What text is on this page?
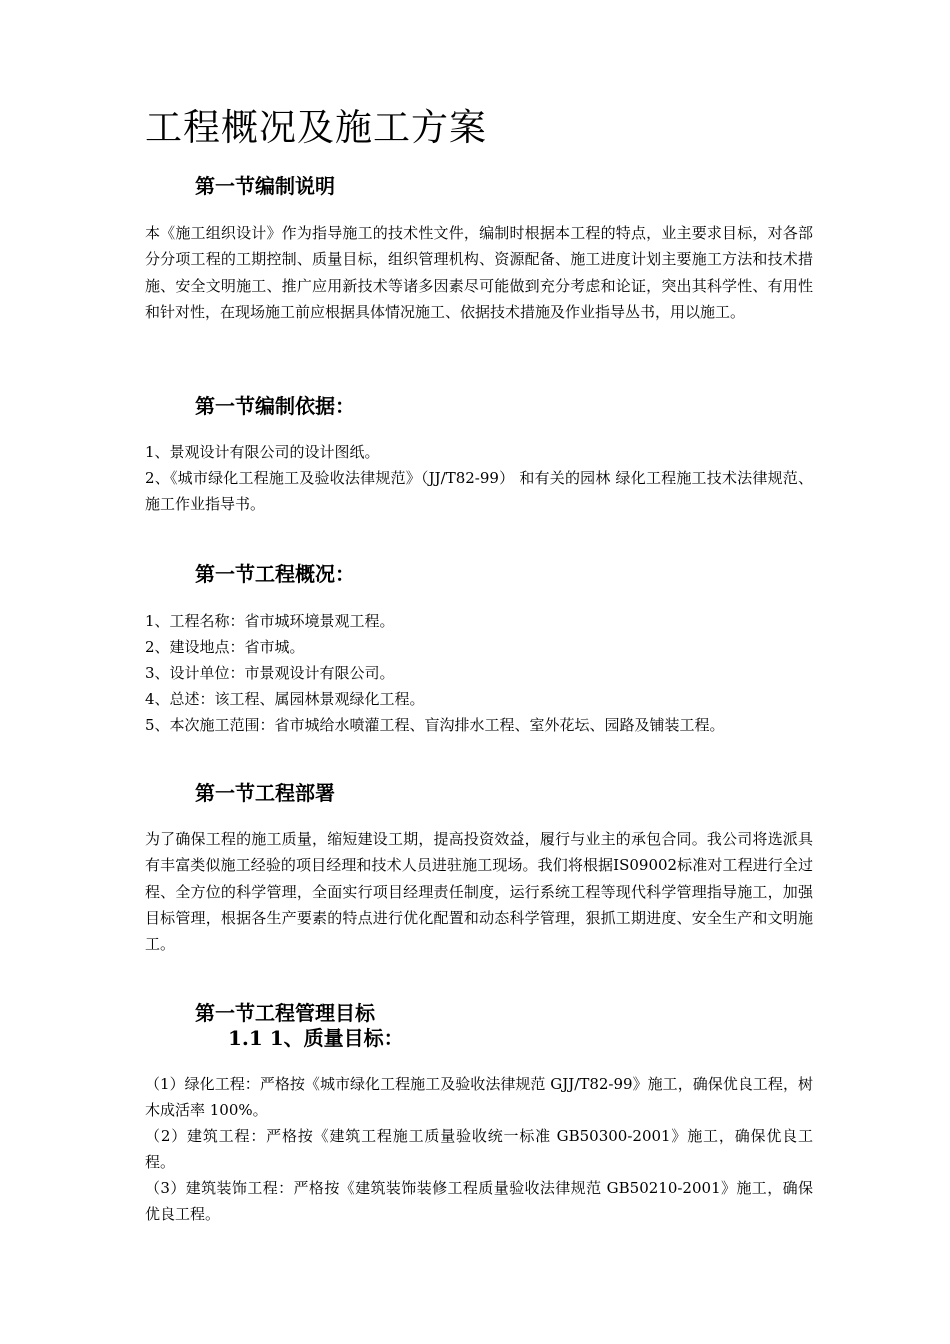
工程概况及施工方案
第一节编制说明

本《施工组织设计》作为指导施工的技术性文件，编制时根据本工程的特点，业主要求目标，对各部分分项工程的工期控制、质量目标，组织管理机构、资源配备、施工进度计划主要施工方法和技术措施、安全文明施工、推广应用新技术等诸多因素尽可能做到充分考虑和论证，突出其科学性、有用性和针对性，在现场施工前应根据具体情况施工、依据技术措施及作业指导丛书，用以施工。

第一节编制依据：
1、景观设计有限公司的设计图纸。
2、《城市绿化工程施工及验收法律规范》（JJ/T82-99） 和有关的园林 绿化工程施工技术法律规范、施工作业指导书。
第一节工程概况：
1、工程名称：省市城环境景观工程。
2、建设地点：省市城。
3、设计单位：市景观设计有限公司。
4、总述：该工程、属园林景观绿化工程。
5、本次施工范围：省市城给水喷灌工程、盲沟排水工程、室外花坛、园路及铺装工程。
第一节工程部署

为了确保工程的施工质量，缩短建设工期，提高投资效益，履行与业主的承包合同。我公司将选派具有丰富类似施工经验的项目经理和技术人员进驻施工现场。我们将根据IS09002标准对工程进行全过程、全方位的科学管理，全面实行项目经理责任制度，运行系统工程等现代科学管理指导施工，加强目标管理，根据各生产要素的特点进行优化配置和动态科学管理，狠抓工期进度、安全生产和文明施工。

第一节工程管理目标
1.1 1、质量目标：
（1）绿化工程：严格按《城市绿化工程施工及验收法律规范 GJJ/T82-99》施工，确保优良工程，树木成活率 100%。
（2）建筑工程：严格按《建筑工程施工质量验收统一标准 GB50300-2001》施工，确保优良工程。
（3）建筑装饰工程：严格按《建筑装饰装修工程质量验收法律规范 GB50210-2001》施工，确保优良工程。
